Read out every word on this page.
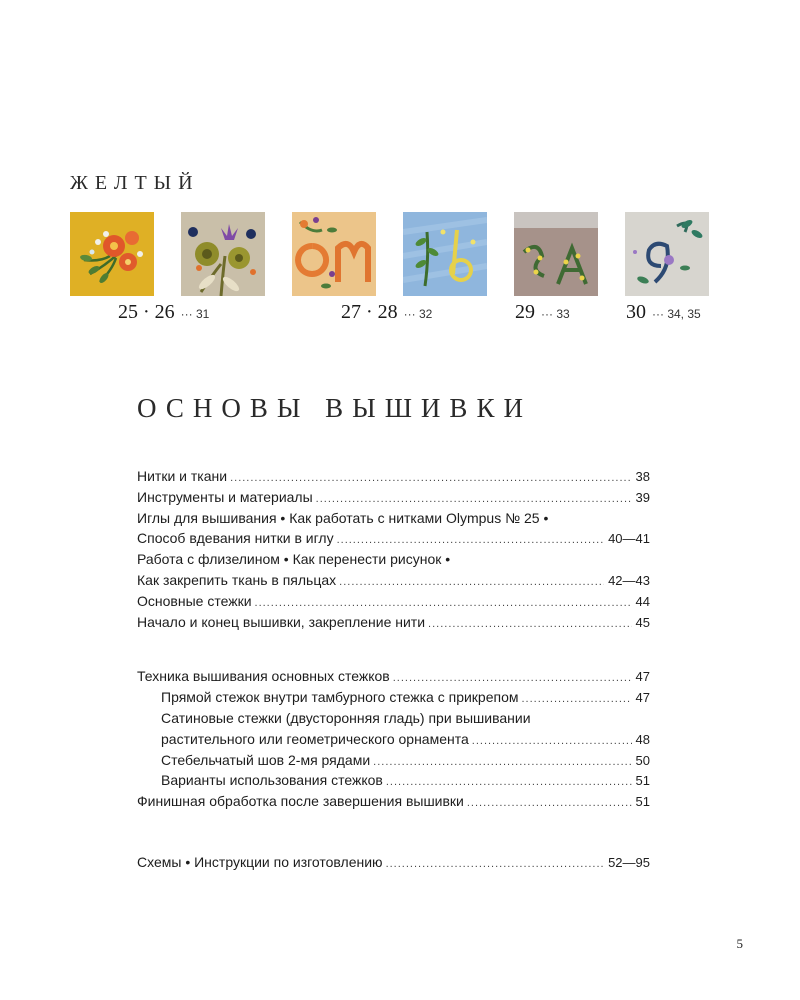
ЖЕЛТЫЙ
25 · 26 ··· 31	27 · 28 ··· 32	29 ··· 33	30 ··· 34, 35
ОСНОВЫ ВЫШИВКИ
Нитки и ткани .....	38
Инструменты и материалы .....	39
Иглы для вышивания • Как работать с нитками Olympus № 25 •
Способ вдевания нитки в иглу .....	40—41
Работа с флизелином • Как перенести рисунок •
Как закрепить ткань в пяльцах .....	42—43
Основные стежки .....	44
Начало и конец вышивки, закрепление нити .....	45
Техника вышивания основных стежков .....	47
Прямой стежок внутри тамбурного стежка с прикрепом .....	47
Сатиновые стежки (двусторонняя гладь) при вышивании
растительного или геометрического орнамента .....	48
Стебельчатый шов 2-мя рядами .....	50
Варианты использования стежков .....	51
Финишная обработка после завершения вышивки .....	51
Схемы • Инструкции по изготовлению .....	52—95
5
